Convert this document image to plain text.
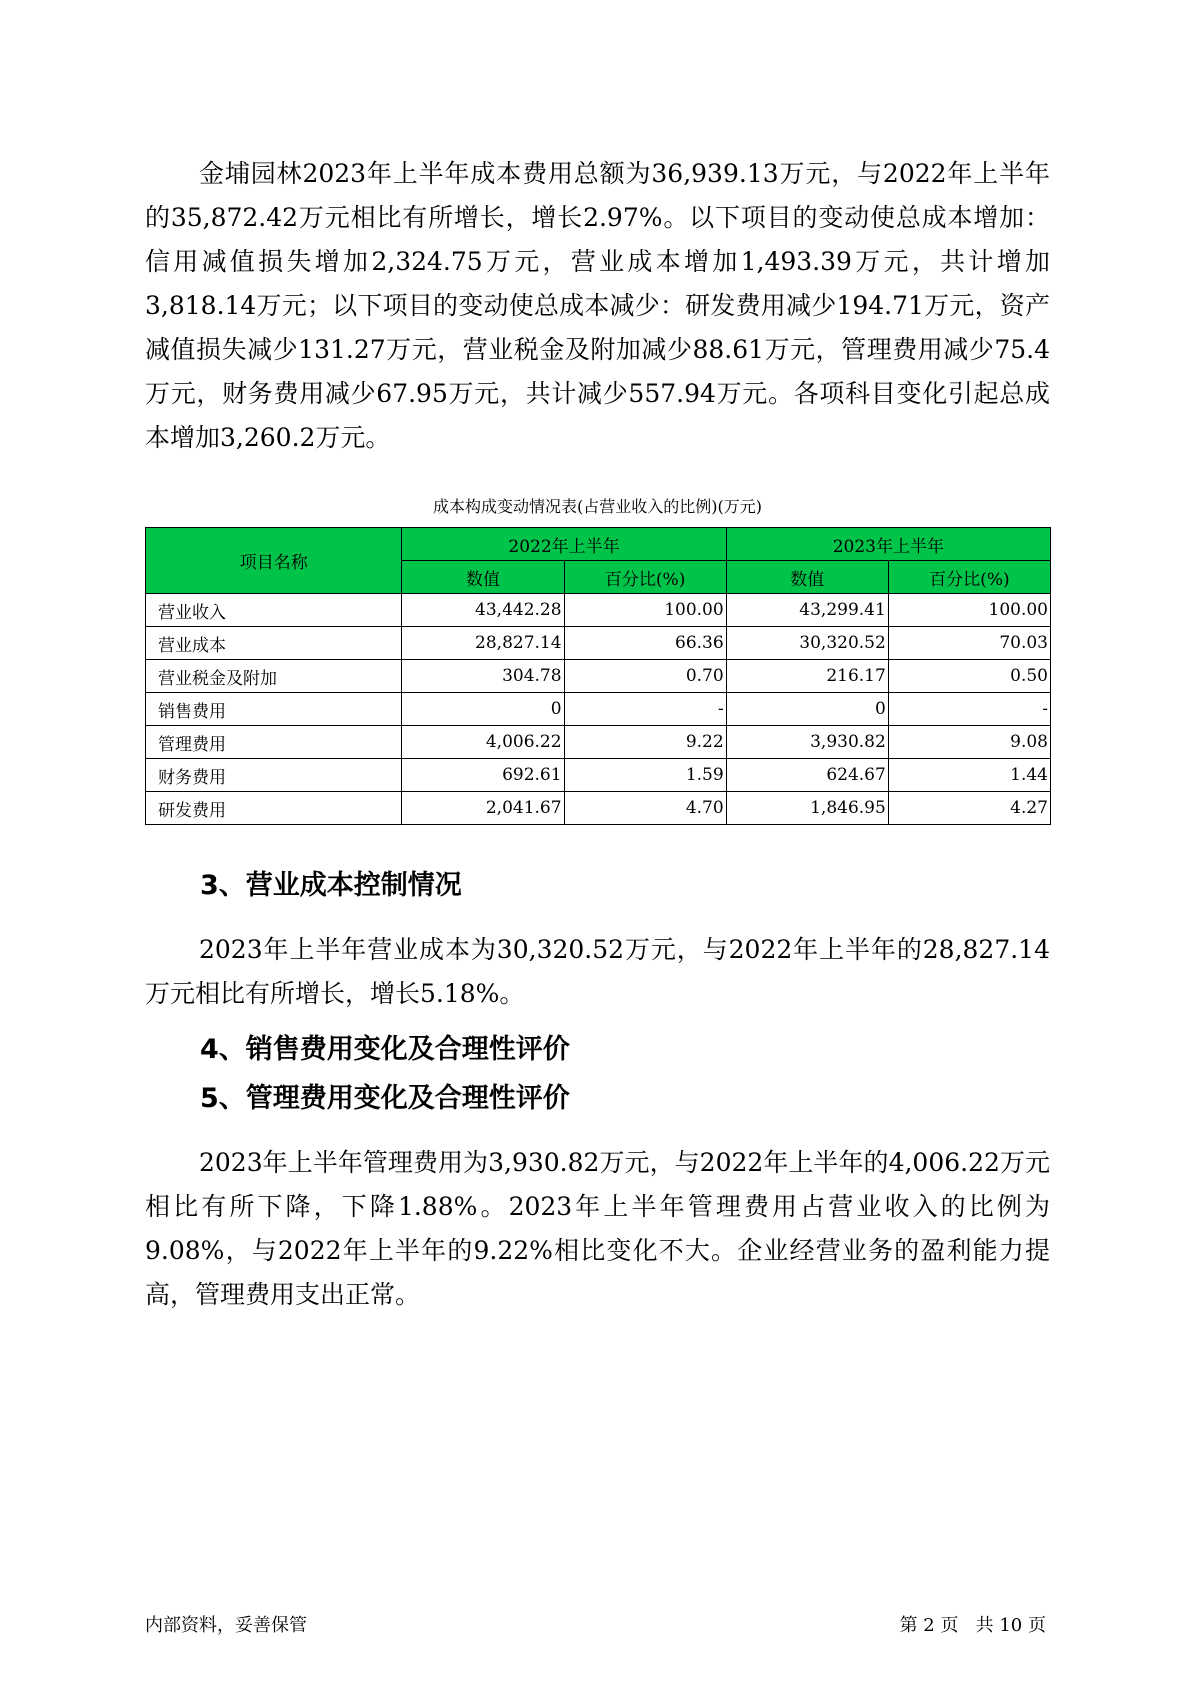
金埔园林2023年上半年成本费用总额为36,939.13万元，与2022年上半年的35,872.42万元相比有所增长，增长2.97%。以下项目的变动使总成本增加：信用减值损失增加2,324.75万元，营业成本增加1,493.39万元，共计增加3,818.14万元；以下项目的变动使总成本减少：研发费用减少194.71万元，资产减值损失减少131.27万元，营业税金及附加减少88.61万元，管理费用减少75.4万元，财务费用减少67.95万元，共计减少557.94万元。各项科目变化引起总成本增加3,260.2万元。

成本构成变动情况表(占营业收入的比例)(万元)
项目名称	2022年上半年		2023年上半年	
	数值	百分比(%)	数值	百分比(%)
营业收入	43,442.28	100.00	43,299.41	100.00
营业成本	28,827.14	66.36	30,320.52	70.03
营业税金及附加	304.78	0.70	216.17	0.50
销售费用	0	-	0	-
管理费用	4,006.22	9.22	3,930.82	9.08
财务费用	692.61	1.59	624.67	1.44
研发费用	2,041.67	4.70	1,846.95	4.27
3、营业成本控制情况

2023年上半年营业成本为30,320.52万元，与2022年上半年的28,827.14万元相比有所增长，增长5.18%。

4、销售费用变化及合理性评价
5、管理费用变化及合理性评价

2023年上半年管理费用为3,930.82万元，与2022年上半年的4,006.22万元相比有所下降，下降1.88%。2023年上半年管理费用占营业收入的比例为9.08%，与2022年上半年的9.22%相比变化不大。企业经营业务的盈利能力提高，管理费用支出正常。

内部资料，妥善保管	第 2 页   共 10 页
